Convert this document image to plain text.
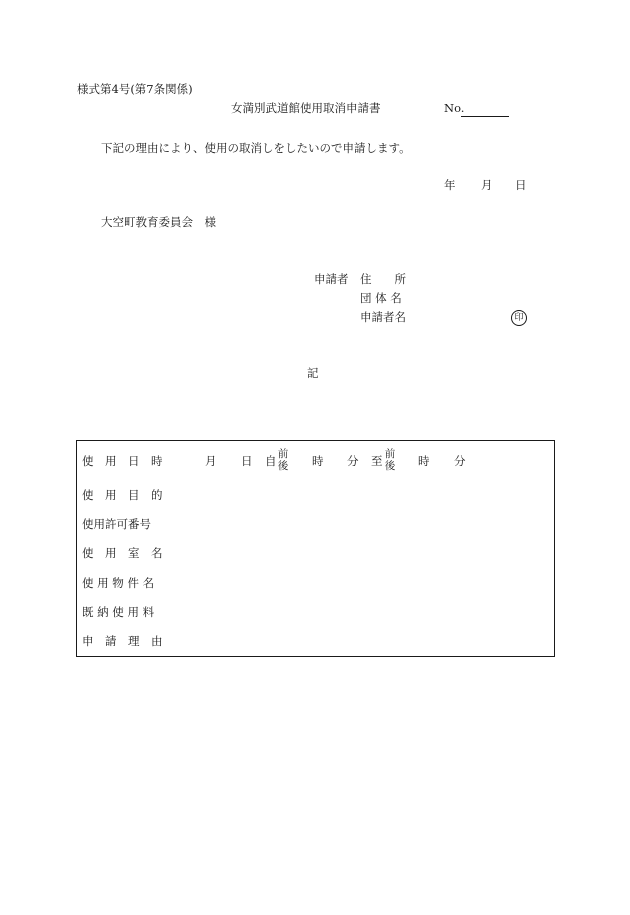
様式第4号(第7条関係)
女満別武道館使用取消申請書	No.
下記の理由により、使用の取消しをしたいので申請します。
年 月 日
大空町教育委員会　様
申請者 住　　所
団 体 名
申請者名	印
記
使　用　日　時
使　用　目　的
使用許可番号
使　用　室　名
使 用 物 件 名
既 納 使 用 料
申　請　理　由
月 日 自 前
後 時 分 至 前
後 時 分
